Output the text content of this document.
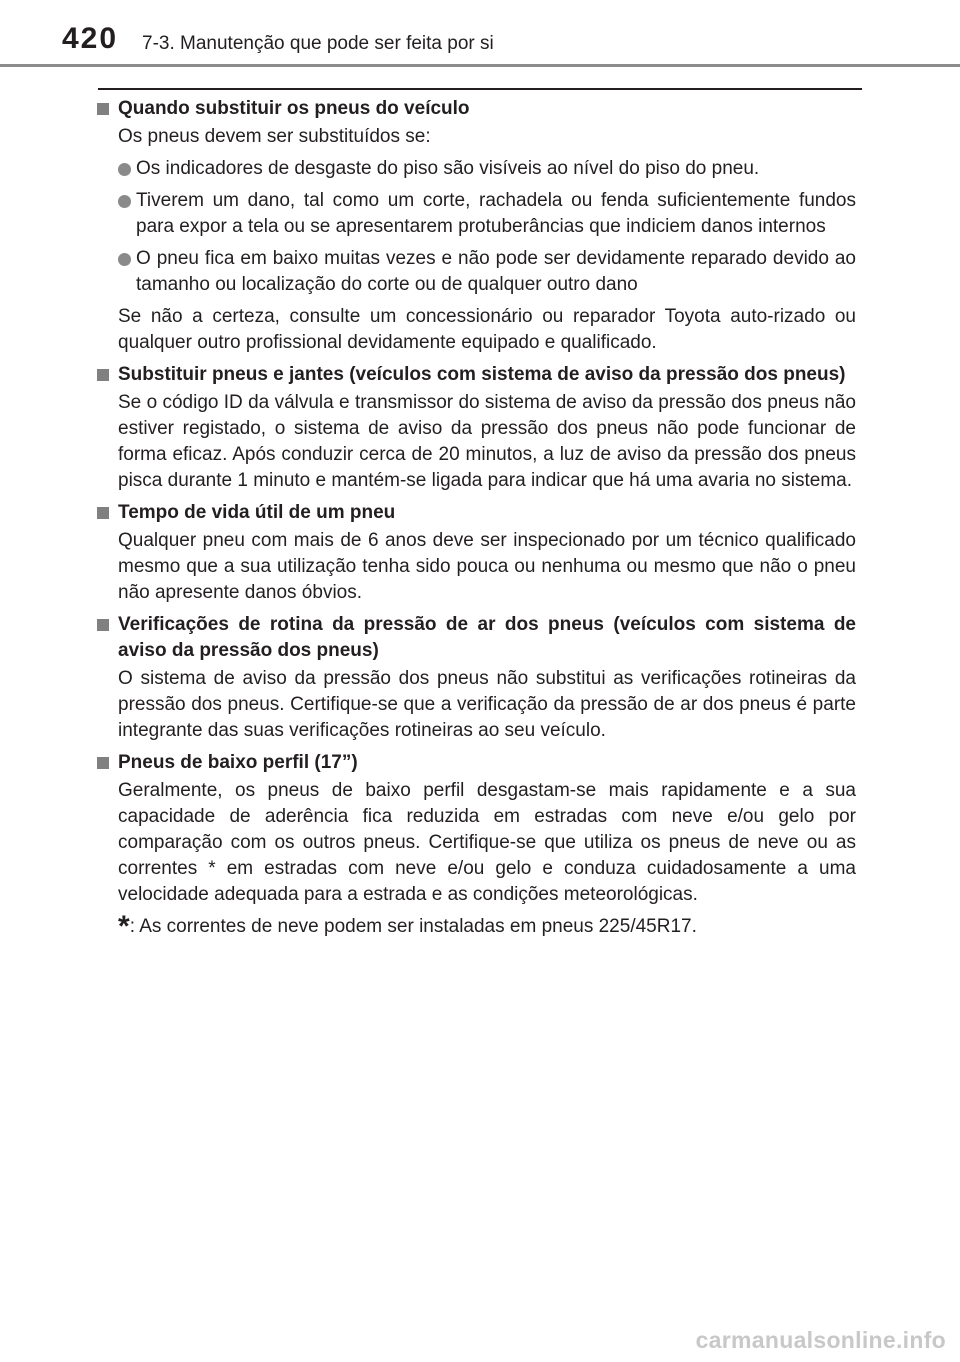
420 7-3. Manutenção que pode ser feita por si
Quando substituir os pneus do veículo
Os pneus devem ser substituídos se:
Os indicadores de desgaste do piso são visíveis ao nível do piso do pneu.
Tiverem um dano, tal como um corte, rachadela ou fenda suficientemente fundos para expor a tela ou se apresentarem protuberâncias que indiciem danos internos
O pneu fica em baixo muitas vezes e não pode ser devidamente reparado devido ao tamanho ou localização do corte ou de qualquer outro dano
Se não a certeza, consulte um concessionário ou reparador Toyota auto-rizado ou qualquer outro profissional devidamente equipado e qualificado.
Substituir pneus e jantes (veículos com sistema de aviso da pressão dos pneus)
Se o código ID da válvula e transmissor do sistema de aviso da pressão dos pneus não estiver registado, o sistema de aviso da pressão dos pneus não pode funcionar de forma eficaz. Após conduzir cerca de 20 minutos, a luz de aviso da pressão dos pneus pisca durante 1 minuto e mantém-se ligada para indicar que há uma avaria no sistema.
Tempo de vida útil de um pneu
Qualquer pneu com mais de 6 anos deve ser inspecionado por um técnico qualificado mesmo que a sua utilização tenha sido pouca ou nenhuma ou mesmo que não o pneu não apresente danos óbvios.
Verificações de rotina da pressão de ar dos pneus (veículos com sistema de aviso da pressão dos pneus)
O sistema de aviso da pressão dos pneus não substitui as verificações rotineiras da pressão dos pneus. Certifique-se que a verificação da pressão de ar dos pneus é parte integrante das suas verificações rotineiras ao seu veículo.
Pneus de baixo perfil (17”)
Geralmente, os pneus de baixo perfil desgastam-se mais rapidamente e a sua capacidade de aderência fica reduzida em estradas com neve e/ou gelo por comparação com os outros pneus. Certifique-se que utiliza os pneus de neve ou as correntes * em estradas com neve e/ou gelo e conduza cuidadosamente a uma velocidade adequada para a estrada e as condições meteorológicas.
*: As correntes de neve podem ser instaladas em pneus 225/45R17.
carmanualsonline.info
